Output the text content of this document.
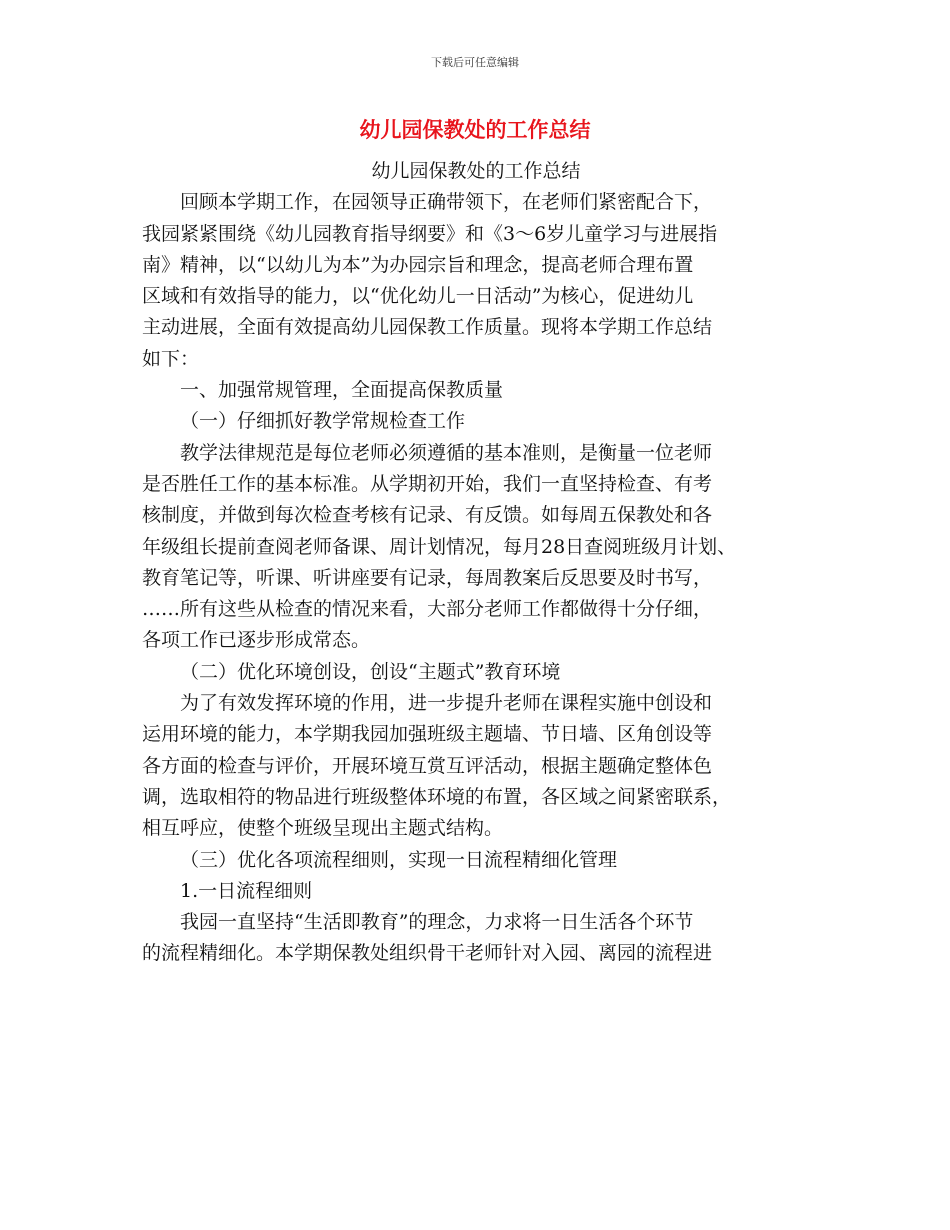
下载后可任意编辑
幼儿园保教处的工作总结

幼儿园保教处的工作总结

回顾本学期工作，在园领导正确带领下，在老师们紧密配合下，
我园紧紧围绕《幼儿园教育指导纲要》和《3～6岁儿童学习与进展指
南》精神，以“以幼儿为本”为办园宗旨和理念，提高老师合理布置
区域和有效指导的能力，以“优化幼儿一日活动”为核心，促进幼儿
主动进展，全面有效提高幼儿园保教工作质量。现将本学期工作总结
如下：
一、加强常规管理，全面提高保教质量
（一）仔细抓好教学常规检查工作
教学法律规范是每位老师必须遵循的基本准则，是衡量一位老师
是否胜任工作的基本标准。从学期初开始，我们一直坚持检查、有考
核制度，并做到每次检查考核有记录、有反馈。如每周五保教处和各
年级组长提前查阅老师备课、周计划情况，每月28日查阅班级月计划、
教育笔记等，听课、听讲座要有记录，每周教案后反思要及时书写，
……所有这些从检查的情况来看，大部分老师工作都做得十分仔细，
各项工作已逐步形成常态。
（二）优化环境创设，创设“主题式”教育环境
为了有效发挥环境的作用，进一步提升老师在课程实施中创设和
运用环境的能力，本学期我园加强班级主题墙、节日墙、区角创设等
各方面的检查与评价，开展环境互赏互评活动，根据主题确定整体色
调，选取相符的物品进行班级整体环境的布置，各区域之间紧密联系，
相互呼应，使整个班级呈现出主题式结构。
（三）优化各项流程细则，实现一日流程精细化管理
1.一日流程细则
我园一直坚持“生活即教育”的理念，力求将一日生活各个环节
的流程精细化。本学期保教处组织骨干老师针对入园、离园的流程进
